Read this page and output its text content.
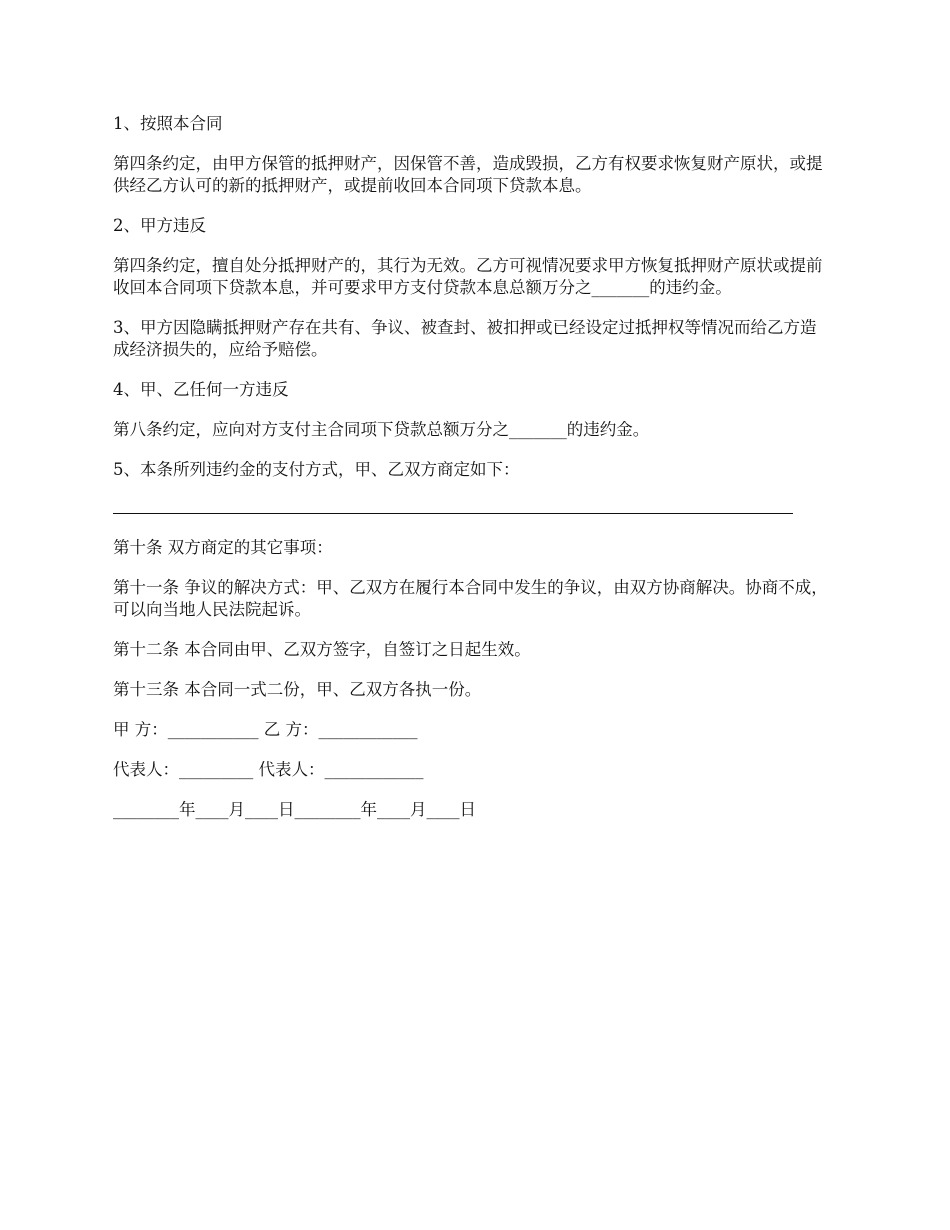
1、按照本合同

第四条约定，由甲方保管的抵押财产，因保管不善，造成毁损，乙方有权要求恢复财产原状，或提供经乙方认可的新的抵押财产，或提前收回本合同项下贷款本息。

2、甲方违反

第四条约定，擅自处分抵押财产的，其行为无效。乙方可视情况要求甲方恢复抵押财产原状或提前收回本合同项下贷款本息，并可要求甲方支付贷款本息总额万分之_______的违约金。

3、甲方因隐瞒抵押财产存在共有、争议、被查封、被扣押或已经设定过抵押权等情况而给乙方造成经济损失的，应给予赔偿。

4、甲、乙任何一方违反

第八条约定，应向对方支付主合同项下贷款总额万分之_______的违约金。

5、本条所列违约金的支付方式，甲、乙双方商定如下：

第十条 双方商定的其它事项：

第十一条 争议的解决方式：甲、乙双方在履行本合同中发生的争议，由双方协商解决。协商不成，可以向当地人民法院起诉。

第十二条 本合同由甲、乙双方签字，自签订之日起生效。

第十三条 本合同一式二份，甲、乙双方各执一份。

甲 方：___________ 乙 方：____________

代表人：_________ 代表人：____________

________年____月____日________年____月____日
